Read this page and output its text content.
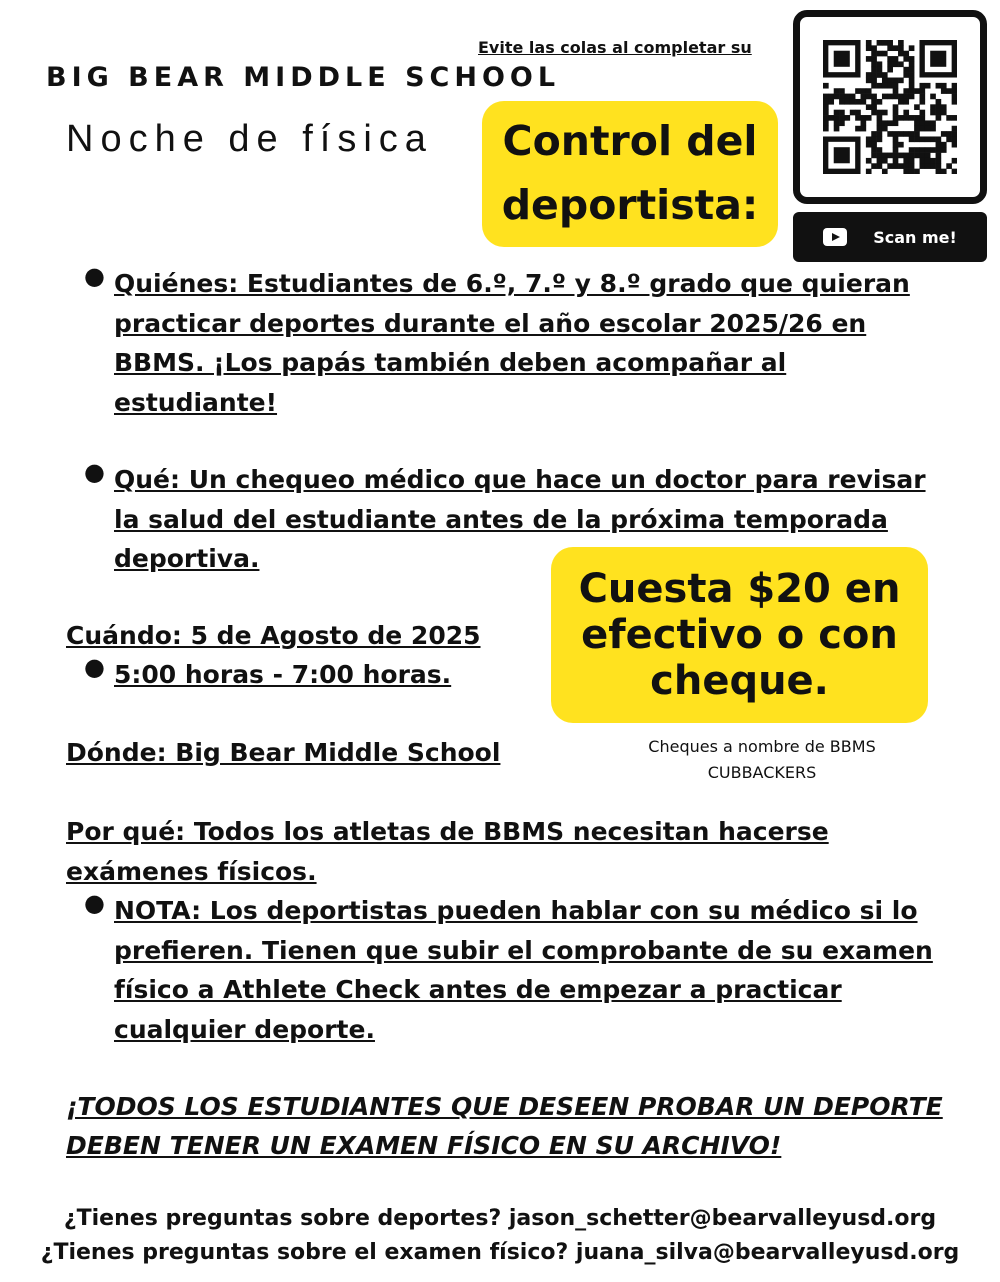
BIG BEAR MIDDLE SCHOOL
Noche de física
Evite las colas al completar su
Control del deportista:
Scan me!
● Quiénes: Estudiantes de 6.º, 7.º y 8.º grado que quieran practicar deportes durante el año escolar 2025/26 en BBMS. ¡Los papás también deben acompañar al estudiante!
● Qué: Un chequeo médico que hace un doctor para revisar la salud del estudiante antes de la próxima temporada deportiva.
Cuándo: 5 de Agosto de 2025
● 5:00 horas - 7:00 horas.
Dónde: Big Bear Middle School
Por qué: Todos los atletas de BBMS necesitan hacerse exámenes físicos.
● NOTA: Los deportistas pueden hablar con su médico si lo prefieren. Tienen que subir el comprobante de su examen físico a Athlete Check antes de empezar a practicar cualquier deporte.
Cuesta $20 en efectivo o con cheque.
Cheques a nombre de BBMS
CUBBACKERS
¡TODOS LOS ESTUDIANTES QUE DESEEN PROBAR UN DEPORTE DEBEN TENER UN EXAMEN FÍSICO EN SU ARCHIVO!
¿Tienes preguntas sobre deportes? jason_schetter@bearvalleyusd.org
¿Tienes preguntas sobre el examen físico? juana_silva@bearvalleyusd.org
